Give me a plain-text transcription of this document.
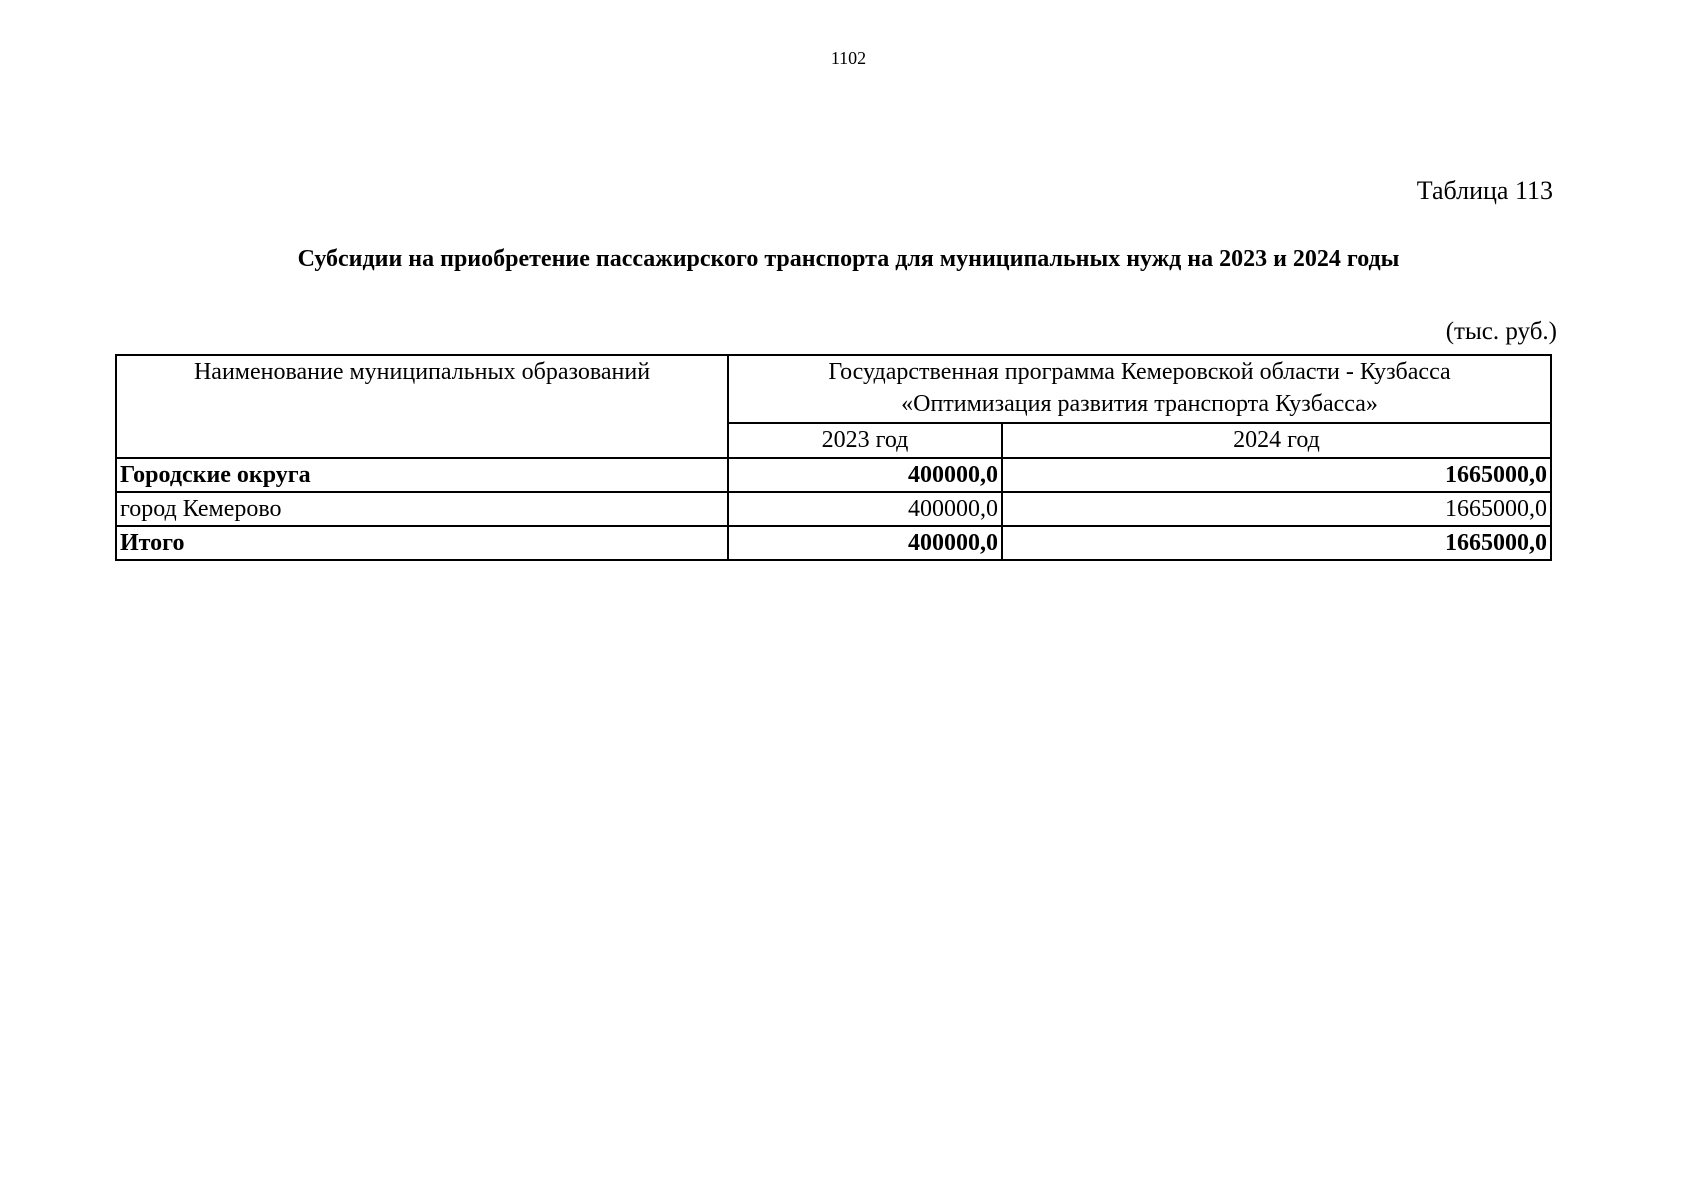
1102
Таблица 113
Субсидии на приобретение пассажирского транспорта для муниципальных нужд на 2023 и 2024 годы
(тыс. руб.)
Наименование муниципальных образований	Государственная программа Кемеровской области - Кузбасса
«Оптимизация развития транспорта Кузбасса»	

	2023 год	2024 год
Городские округа	400000,0	1665000,0
город Кемерово	400000,0	1665000,0
Итого	400000,0	1665000,0
